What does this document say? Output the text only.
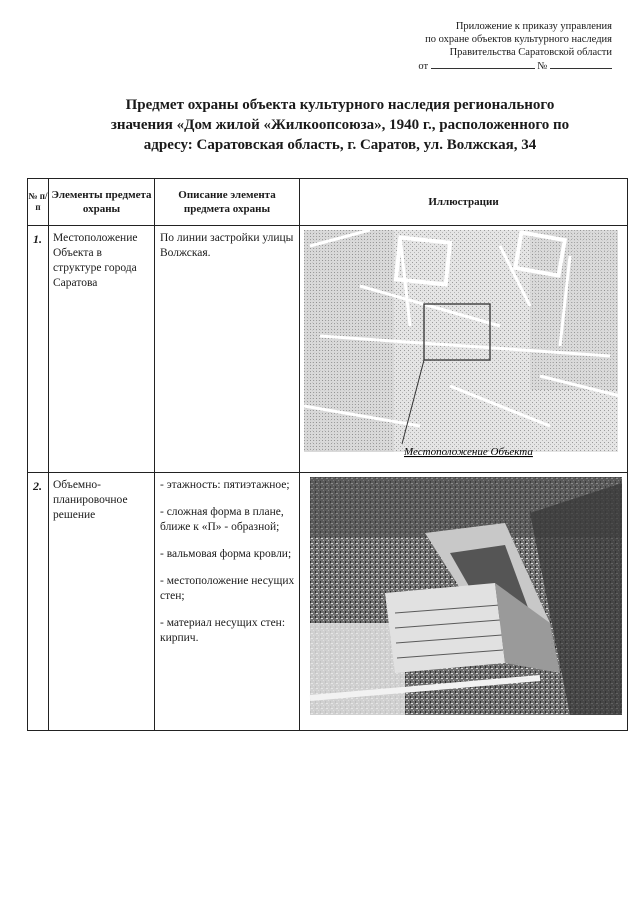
Приложение к приказу управления
по охране объектов культурного наследия
Правительства Саратовской области
от	№
Предмет охраны объекта культурного наследия регионального значения «Дом жилой «Жилкоопсоюза», 1940 г., расположенного по адресу: Саратовская область, г. Саратов, ул. Волжская, 34
№ п/п	Элементы предмета охраны	Описание элемента предмета охраны	Иллюстрации
1.	Местоположение Объекта в структуре города Саратова	По линии застройки улицы Волжская.	Местоположение Объекта

2.	Объемно-планировочное решение	- этажность: пятиэтажное;
- сложная форма в плане, ближе к «П» - образной;
- вальмовая форма кровли;
- местоположение несущих стен;
- материал несущих стен: кирпич.
